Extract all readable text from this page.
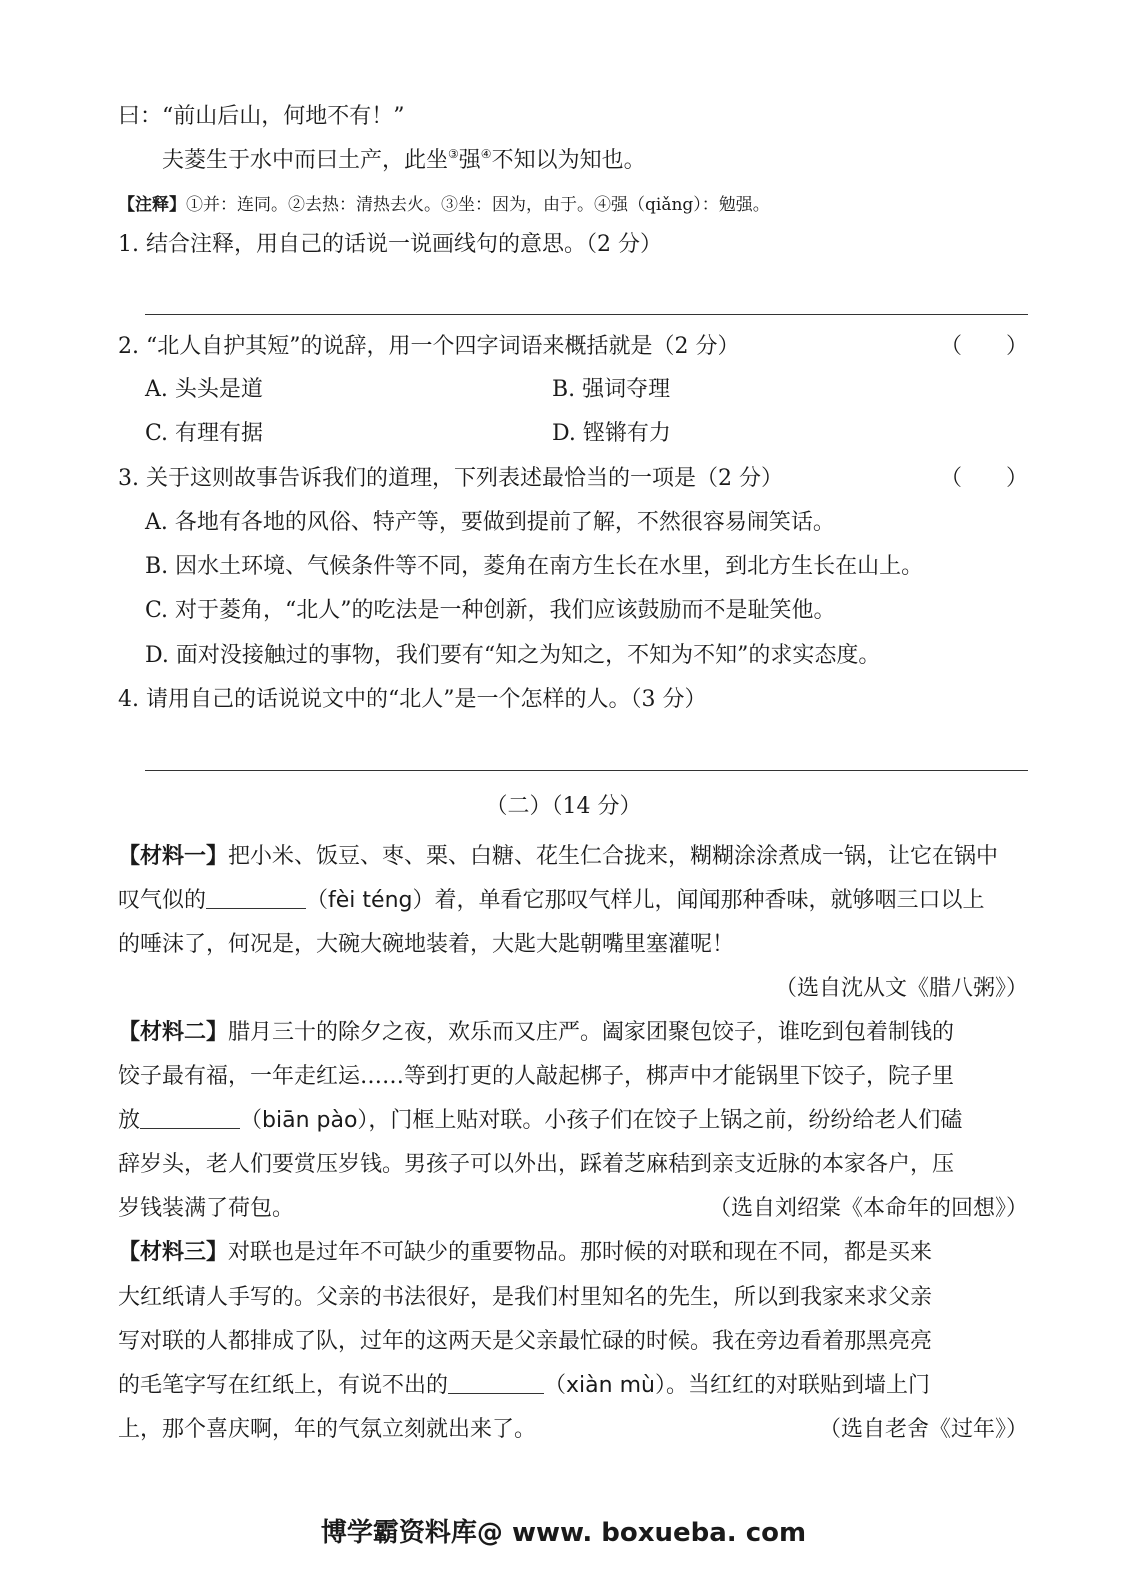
曰：“前山后山，何地不有！”
夫菱生于水中而曰土产，此坐③强④不知以为知也。
【注释】①并：连同。②去热：清热去火。③坐：因为，由于。④强（qiǎng）：勉强。
1. 结合注释，用自己的话说一说画线句的意思。（2 分）
2. “北人自护其短”的说辞，用一个四字词语来概括就是（2 分）	（　　）
A. 头头是道	B. 强词夺理
C. 有理有据	D. 铿锵有力
3. 关于这则故事告诉我们的道理，下列表述最恰当的一项是（2 分）	（　　）
A. 各地有各地的风俗、特产等，要做到提前了解，不然很容易闹笑话。
B. 因水土环境、气候条件等不同，菱角在南方生长在水里，到北方生长在山上。
C. 对于菱角，“北人”的吃法是一种创新，我们应该鼓励而不是耻笑他。
D. 面对没接触过的事物，我们要有“知之为知之，不知为不知”的求实态度。
4. 请用自己的话说说文中的“北人”是一个怎样的人。（3 分）
（二）（14 分）
【材料一】把小米、饭豆、枣、栗、白糖、花生仁合拢来，糊糊涂涂煮成一锅，让它在锅中
叹气似的	（fèi téng）着，单看它那叹气样儿，闻闻那种香味，就够咽三口以上
的唾沫了，何况是，大碗大碗地装着，大匙大匙朝嘴里塞灌呢！
（选自沈从文《腊八粥》）
【材料二】腊月三十的除夕之夜，欢乐而又庄严。阖家团聚包饺子，谁吃到包着制钱的
饺子最有福，一年走红运……等到打更的人敲起梆子，梆声中才能锅里下饺子，院子里
放	（biān pào），门框上贴对联。小孩子们在饺子上锅之前，纷纷给老人们磕
辞岁头，老人们要赏压岁钱。男孩子可以外出，踩着芝麻秸到亲支近脉的本家各户，压
岁钱装满了荷包。	（选自刘绍棠《本命年的回想》）
【材料三】对联也是过年不可缺少的重要物品。那时候的对联和现在不同，都是买来
大红纸请人手写的。父亲的书法很好，是我们村里知名的先生，所以到我家来求父亲
写对联的人都排成了队，过年的这两天是父亲最忙碌的时候。我在旁边看着那黑亮亮
的毛笔字写在红纸上，有说不出的	（xiàn mù）。当红红的对联贴到墙上门
上，那个喜庆啊，年的气氛立刻就出来了。	（选自老舍《过年》）
博学霸资料库@ www. boxueba. com
